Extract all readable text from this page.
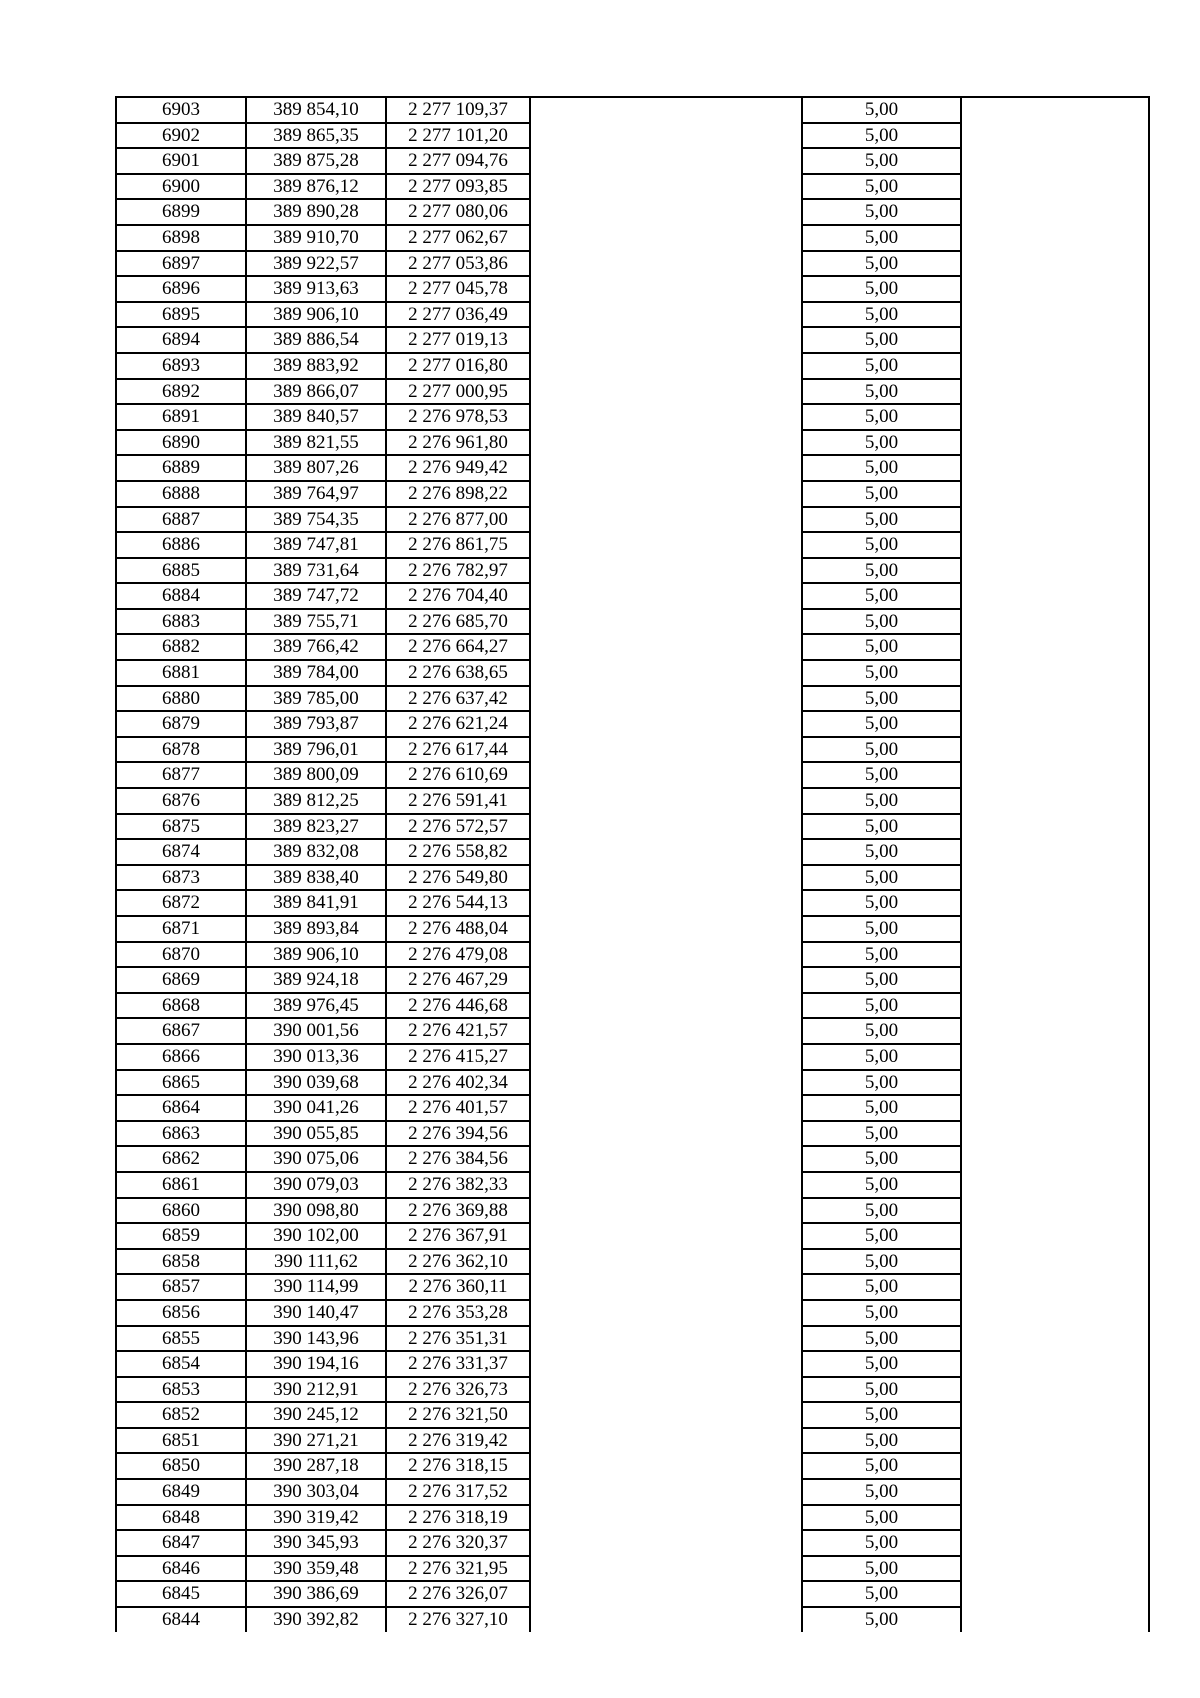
6903	389 854,10	2 277 109,37		5,00	
6902	389 865,35	2 277 101,20		5,00	
6901	389 875,28	2 277 094,76		5,00	
6900	389 876,12	2 277 093,85		5,00	
6899	389 890,28	2 277 080,06		5,00	
6898	389 910,70	2 277 062,67		5,00	
6897	389 922,57	2 277 053,86		5,00	
6896	389 913,63	2 277 045,78		5,00	
6895	389 906,10	2 277 036,49		5,00	
6894	389 886,54	2 277 019,13		5,00	
6893	389 883,92	2 277 016,80		5,00	
6892	389 866,07	2 277 000,95		5,00	
6891	389 840,57	2 276 978,53		5,00	
6890	389 821,55	2 276 961,80		5,00	
6889	389 807,26	2 276 949,42		5,00	
6888	389 764,97	2 276 898,22		5,00	
6887	389 754,35	2 276 877,00		5,00	
6886	389 747,81	2 276 861,75		5,00	
6885	389 731,64	2 276 782,97		5,00	
6884	389 747,72	2 276 704,40		5,00	
6883	389 755,71	2 276 685,70		5,00	
6882	389 766,42	2 276 664,27		5,00	
6881	389 784,00	2 276 638,65		5,00	
6880	389 785,00	2 276 637,42		5,00	
6879	389 793,87	2 276 621,24		5,00	
6878	389 796,01	2 276 617,44		5,00	
6877	389 800,09	2 276 610,69		5,00	
6876	389 812,25	2 276 591,41		5,00	
6875	389 823,27	2 276 572,57		5,00	
6874	389 832,08	2 276 558,82		5,00	
6873	389 838,40	2 276 549,80		5,00	
6872	389 841,91	2 276 544,13		5,00	
6871	389 893,84	2 276 488,04		5,00	
6870	389 906,10	2 276 479,08		5,00	
6869	389 924,18	2 276 467,29		5,00	
6868	389 976,45	2 276 446,68		5,00	
6867	390 001,56	2 276 421,57		5,00	
6866	390 013,36	2 276 415,27		5,00	
6865	390 039,68	2 276 402,34		5,00	
6864	390 041,26	2 276 401,57		5,00	
6863	390 055,85	2 276 394,56		5,00	
6862	390 075,06	2 276 384,56		5,00	
6861	390 079,03	2 276 382,33		5,00	
6860	390 098,80	2 276 369,88		5,00	
6859	390 102,00	2 276 367,91		5,00	
6858	390 111,62	2 276 362,10		5,00	
6857	390 114,99	2 276 360,11		5,00	
6856	390 140,47	2 276 353,28		5,00	
6855	390 143,96	2 276 351,31		5,00	
6854	390 194,16	2 276 331,37		5,00	
6853	390 212,91	2 276 326,73		5,00	
6852	390 245,12	2 276 321,50		5,00	
6851	390 271,21	2 276 319,42		5,00	
6850	390 287,18	2 276 318,15		5,00	
6849	390 303,04	2 276 317,52		5,00	
6848	390 319,42	2 276 318,19		5,00	
6847	390 345,93	2 276 320,37		5,00	
6846	390 359,48	2 276 321,95		5,00	
6845	390 386,69	2 276 326,07		5,00	
6844	390 392,82	2 276 327,10		5,00	
